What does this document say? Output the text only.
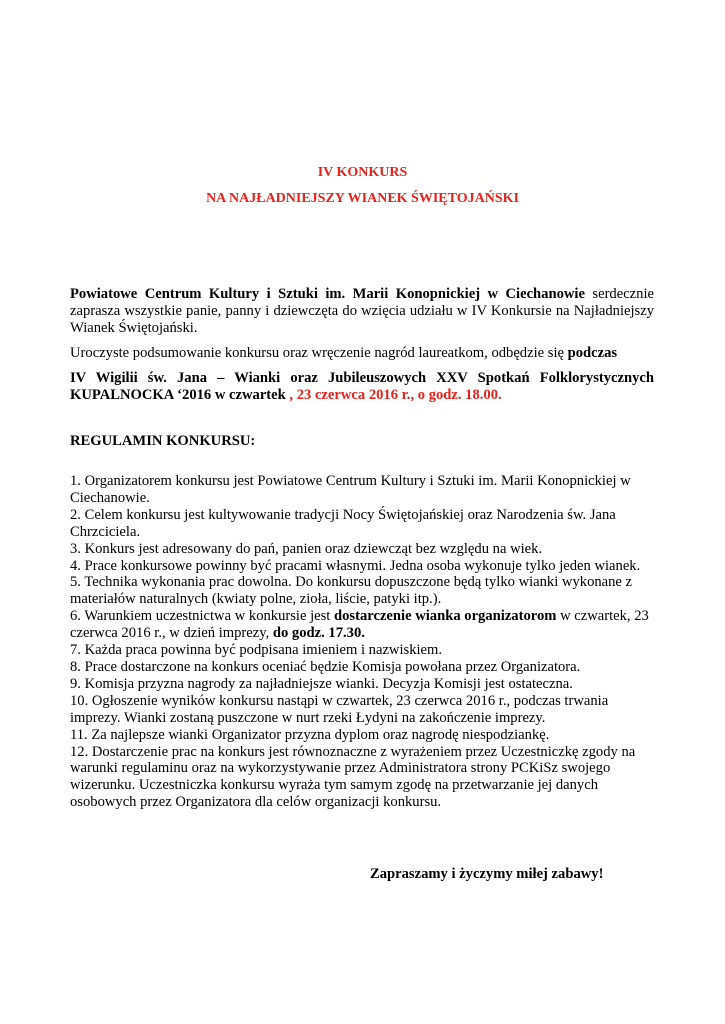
IV KONKURS

NA NAJŁADNIEJSZY WIANEK ŚWIĘTOJAŃSKI

Powiatowe Centrum Kultury i Sztuki im. Marii Konopnickiej w Ciechanowie serdecznie zaprasza wszystkie panie, panny i dziewczęta do wzięcia udziału w IV Konkursie na Najładniejszy Wianek Świętojański.

Uroczyste podsumowanie konkursu oraz wręczenie nagród laureatkom, odbędzie się podczas

IV Wigilii św. Jana – Wianki oraz Jubileuszowych XXV Spotkań Folklorystycznych KUPALNOCKA ‘2016 w czwartek , 23 czerwca 2016 r., o godz. 18.00.

REGULAMIN KONKURSU:

1. Organizatorem konkursu jest Powiatowe Centrum Kultury i Sztuki im. Marii Konopnickiej w Ciechanowie.

2. Celem konkursu jest kultywowanie tradycji Nocy Świętojańskiej oraz Narodzenia św. Jana Chrzciciela.

3. Konkurs jest adresowany do pań, panien oraz dziewcząt bez względu na wiek.

4. Prace konkursowe powinny być pracami własnymi. Jedna osoba wykonuje tylko jeden wianek.

5. Technika wykonania prac dowolna. Do konkursu dopuszczone będą tylko wianki wykonane z materiałów naturalnych (kwiaty polne, zioła, liście, patyki itp.).

6. Warunkiem uczestnictwa w konkursie jest dostarczenie wianka organizatorom w czwartek, 23 czerwca 2016 r., w dzień imprezy, do godz. 17.30.

7. Każda praca powinna być podpisana imieniem i nazwiskiem.

8. Prace dostarczone na konkurs oceniać będzie Komisja powołana przez Organizatora.

9. Komisja przyzna nagrody za najładniejsze wianki. Decyzja Komisji jest ostateczna.

10. Ogłoszenie wyników konkursu nastąpi w czwartek, 23 czerwca 2016 r., podczas trwania imprezy. Wianki zostaną puszczone w nurt rzeki Łydyni na zakończenie imprezy.

11. Za najlepsze wianki Organizator przyzna dyplom oraz nagrodę niespodziankę.

12. Dostarczenie prac na konkurs jest równoznaczne z wyrażeniem przez Uczestniczkę zgody na warunki regulaminu oraz na wykorzystywanie przez Administratora strony PCKiSz swojego wizerunku. Uczestniczka konkursu wyraża tym samym zgodę na przetwarzanie jej danych osobowych przez Organizatora dla celów organizacji konkursu.

Zapraszamy i życzymy miłej zabawy!
